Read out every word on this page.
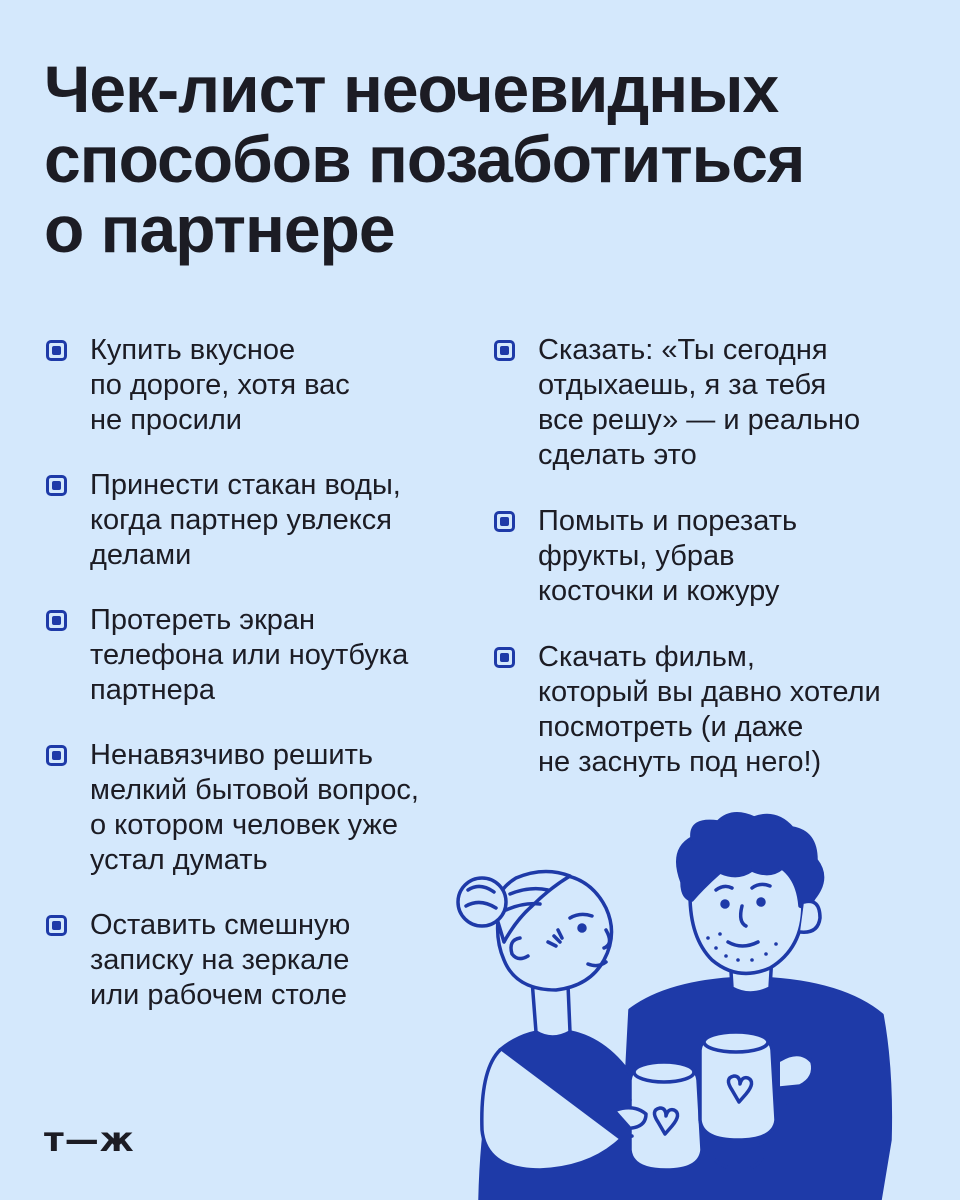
Чек-лист неочевидных
способов позаботиться
о партнере
Купить вкусное
по дороге, хотя вас
не просили
Принести стакан воды,
когда партнер увлекся
делами
Протереть экран
телефона или ноутбука
партнера
Ненавязчиво решить
мелкий бытовой вопрос,
о котором человек уже
устал думать
Оставить смешную
записку на зеркале
или рабочем столе
Сказать: «Ты сегодня
отдыхаешь, я за тебя
все решу» — и реально
сделать это
Помыть и порезать
фрукты, убрав
косточки и кожуру
Скачать фильм,
который вы давно хотели
посмотреть (и даже
не заснуть под него!)
т—ж
